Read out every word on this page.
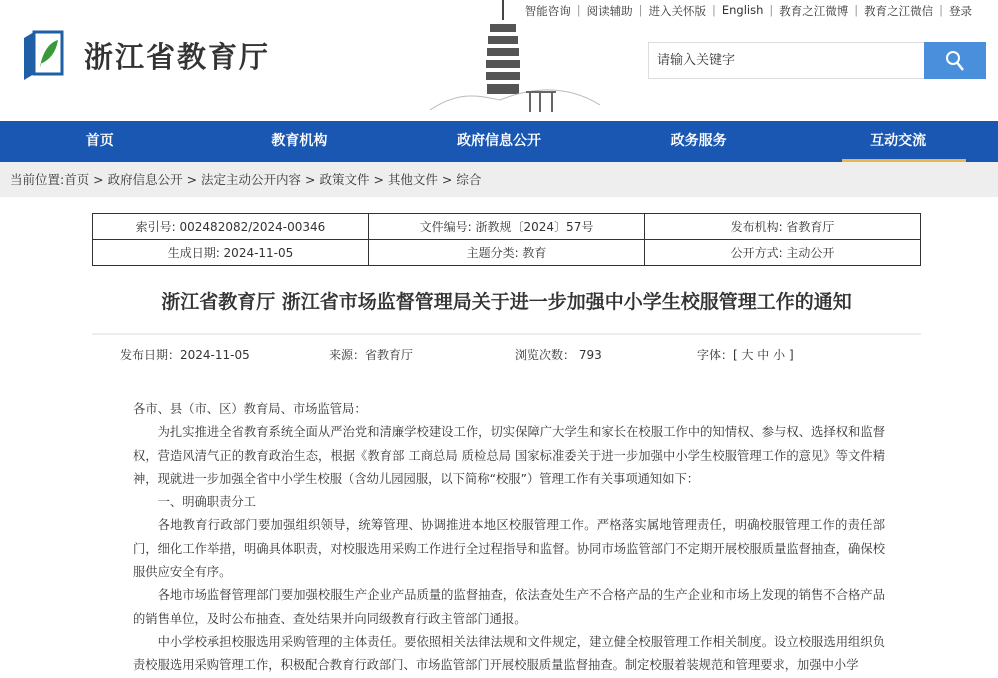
浙江省教育厅
智能咨询 | 阅读辅助 | 进入关怀版 | English | 教育之江微博 | 教育之江微信 | 登录
请输入关键字
首页	教育机构	政府信息公开	政务服务	互动交流
当前位置:首页 > 政府信息公开 > 法定主动公开内容 > 政策文件 > 其他文件 > 综合
索引号: 002482082/2024-00346	文件编号: 浙教规〔2024〕57号	发布机构: 省教育厅
生成日期: 2024-11-05	主题分类: 教育	公开方式: 主动公开
浙江省教育厅 浙江省市场监督管理局关于进一步加强中小学生校服管理工作的通知
发布日期：2024-11-05	来源：省教育厅	浏览次数： 793	字体：[ 大 中 小 ]

各市、县（市、区）教育局、市场监管局：

为扎实推进全省教育系统全面从严治党和清廉学校建设工作，切实保障广大学生和家长在校服工作中的知情权、参与权、选择权和监督权，营造风清气正的教育政治生态，根据《教育部 工商总局 质检总局 国家标准委关于进一步加强中小学生校服管理工作的意见》等文件精神，现就进一步加强全省中小学生校服（含幼儿园园服，以下简称“校服”）管理工作有关事项通知如下：

一、明确职责分工

各地教育行政部门要加强组织领导，统筹管理、协调推进本地区校服管理工作。严格落实属地管理责任，明确校服管理工作的责任部门，细化工作举措，明确具体职责，对校服选用采购工作进行全过程指导和监督。协同市场监管部门不定期开展校服质量监督抽查，确保校服供应安全有序。

各地市场监督管理部门要加强校服生产企业产品质量的监督抽查，依法查处生产不合格产品的生产企业和市场上发现的销售不合格产品的销售单位，及时公布抽查、查处结果并向同级教育行政主管部门通报。

中小学校承担校服选用采购管理的主体责任。要依照相关法律法规和文件规定，建立健全校服管理工作相关制度。设立校服选用组织负责校服选用采购管理工作，积极配合教育行政部门、市场监管部门开展校服质量监督抽查。制定校服着装规范和管理要求，加强中小学
